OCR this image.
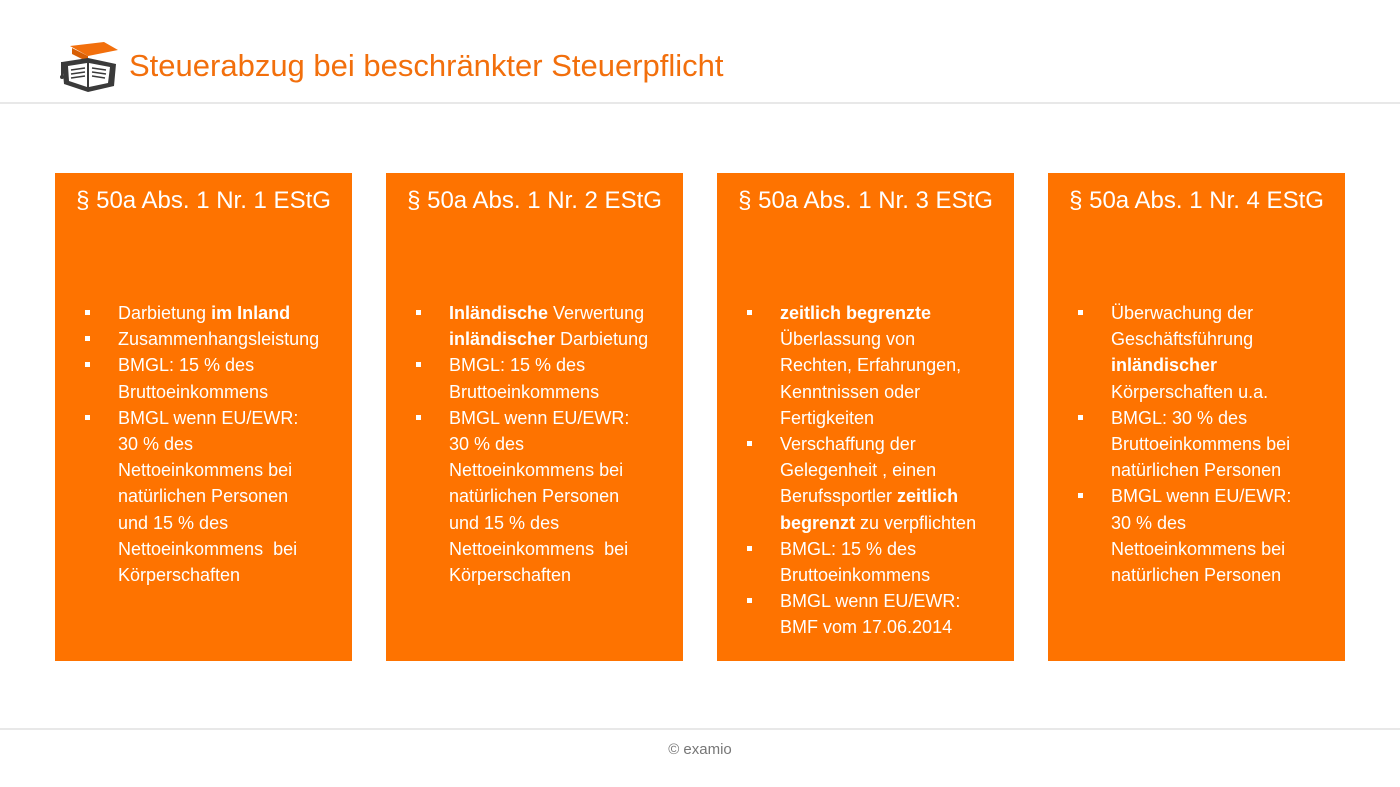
Steuerabzug bei beschränkter Steuerpflicht
§ 50a Abs. 1 Nr. 1 EStG
Darbietung im Inland
Zusammenhangsleistung
BMGL: 15 % des
Bruttoeinkommens
BMGL wenn EU/EWR:
30 % des
Nettoeinkommens bei
natürlichen Personen
und 15 % des
Nettoeinkommens  bei
Körperschaften
§ 50a Abs. 1 Nr. 2 EStG
Inländische Verwertung
inländischer Darbietung
BMGL: 15 % des
Bruttoeinkommens
BMGL wenn EU/EWR:
30 % des
Nettoeinkommens bei
natürlichen Personen
und 15 % des
Nettoeinkommens  bei
Körperschaften
§ 50a Abs. 1 Nr. 3 EStG
zeitlich begrenzte
Überlassung von
Rechten, Erfahrungen,
Kenntnissen oder
Fertigkeiten
Verschaffung der
Gelegenheit , einen
Berufssportler zeitlich
begrenzt zu verpflichten
BMGL: 15 % des
Bruttoeinkommens
BMGL wenn EU/EWR:
BMF vom 17.06.2014
§ 50a Abs. 1 Nr. 4 EStG
Überwachung der
Geschäftsführung
inländischer
Körperschaften u.a.
BMGL: 30 % des
Bruttoeinkommens bei
natürlichen Personen
BMGL wenn EU/EWR:
30 % des
Nettoeinkommens bei
natürlichen Personen
© examio
